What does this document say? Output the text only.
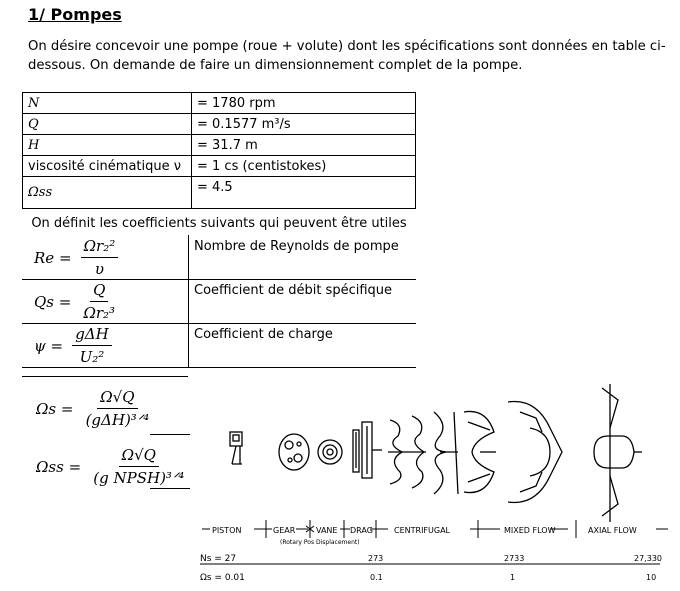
1/ Pompes
On désire concevoir une pompe (roue + volute) dont les spécifications sont données en table ci-dessous. On demande de faire un dimensionnement complet de la pompe.
N	= 1780 rpm
Q	= 0.1577 m³/s
H	= 31.7 m
viscosité cinématique ν	= 1 cs (centistokes)
Ωss	= 4.5
On définit les coefficients suivants qui peuvent être utiles
$Re = \frac{\text{Ωr₂²}}{\upsilon}$	Nombre de Reynolds de pompe
$Qs = \frac{Q}{\text{Ωr₂³}}$	Coefficient de débit spécifique
$\psi = \frac{\text{gΔH}}{\text{U₂²}}$	Coefficient de charge
$\Omega s = \frac{\Omega√Q}{\text{(gΔH)³ᐟ⁴}}$
$\Omega ss = \frac{\Omega√Q}{\text{(g NPSH)³ᐟ⁴}}$
PISTON	GEAR	VANE DRAG	CENTRIFUGAL	MIXED FLOW	AXIAL FLOW
(Rotary Pos Displacement)
Ns = 27	273	2733	27,330
Ωs = 0.01	0.1	1	10
